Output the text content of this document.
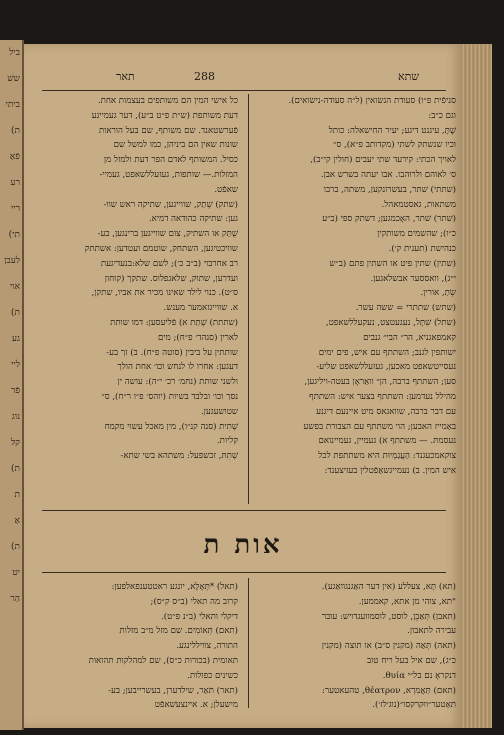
ביל
ששׁ
ביתי
(ת
פֿאַ
רע
ריי
(תי
לעבן
אוי
(ת
גע
ליי
פֿר
נוג
קל
(ת
ת
אַ
(ת
יט
הַר
תאר	288	שתא

סניפֿית פ״ו) סעודת הנשׂואין (ל״ה סעודה-נישׂואים).

וגם כ״ב:

שָׁתָּ, עיגנט דיגע; יעיר החישאלה: כותל

וכיו שנשתק לשתי (מקדותב פ״א), ס״

לאויך הכתי: קירעד שתי יעבים (חולין קי״ב),

ס׳ לאוהם ולרוהבו. אבו יעתה בשרש אבן.

(שתתי) שׁתּר, בעשׁרונקען, משתה, ברבו

משתאות, גאסטמאהל.

(שׁתר) שׁתר, האָכמגען; דשתק ספי (ב״ע

כ״ו); שהשמים משותקין

כנהישת (תענית ק׳).

(שתין) שתין פיט או השתין פתם (ב״ש

י״ג), וואססער אבשלאגען.

שְׂתַ, אורין.

(שתש) שתתרי = ששה עשר.

(שתל) שִׁתָּל, נעגעטצט, נעקעללשאפט,

קאמפאגניא, הר״ הבי״ גנבים

ישותפין לגנב; השתתף עם איש, פים ימים

נעסייטשאפט מאכען, געזעללשאפט שליע-

סען; השתתף ברבה, הן״ וואַראָן בעטה-ויליגען,

מהילל נעדמען: השתתף בצער איש: השתתף

עם דבר ברבה, שוואגאס מיט איינעם דיגנע

באַמייז האבען; הוי משתתף עם הצבורת בפשע

נעסמתּ. — משתתף א) געמיין, געמיינואם

צוקאמכעגנד: הַעֲגַמְיוּת היא משתתפת לכל

איש המין. ב) נעמייגשאַפֿטלין בעזיצענד:

כל אישי המין הם משותפים בעצמות אחת.

דעת משותפת (ש״ת פ״ט ב״ע), דער געמיינע

פֿערשטאנד. שם משותף, שם בעל הוראות

שונות שאין הם ביניהן, כמו למשל שם

כסיל. המשותף לאדם הפר דעת ולמזל מן

המזלות.— שותפות, געזעללשאפט, געמיי-

שאפֿט.

(שתק) שְׁתַק, שווייגען, שתיקה ראש שוו-

גען: שתיקה כהודאה דמיא.

שֻׁתַּק או השתיק, צום שווייגען ברינגען, בע-

שוויכטיגען, השתחק, שוטמם ועטדען: אשתתק

רב אחרבוי (ב״ב כ׳); לשם שלא:בנעדיגעת

ועדרען, שתוק, שלאגפלוס. שתקך (קוחון

ס״ט). כנוי לילד שאינו מכיר את אביו, שתקן,

א. שווייגזאמער מענש.

(שתתת) שְׁתַת א) פֿליעסען: דמו שותת

לארין (סנהד׳ פ״ח); מים

שותתין על ביבין (סוטה פ״ח). ב) זך בע-

דעגען: אחרו לו לנחש וכו׳ אחת הולך

ולשני שותת (נחמ׳ רכ׳ י״ה): עושה ין

נסך וכו׳ ובלבד בשיות (יוהס׳ פ״ו ר״ח), ס״

שטושעגען.

שְׁתִית (סנה קנ״ו), מין מאכל עשוי מקמח

קליות.

שְׁתִתּ, זכשפעל: משתהא בשי שתא-

אות ת

(תא) תָּא, צעללע (אין דער האַגנגוואַגע).

"תא, צוהי מן אתא, קאממען.

(תאבן) תְּאַבֵן, לוסט, לוסמוועגדויש: עובר

עבירה לתאבון.

(תאה) תְּאַה (מקנין ס״ב) או תוצה (מקנין

כ״ג), שם איל בעל ריח טוב

דנקראָ נם בל״י θυία.

(תאם) תַּאֲמִרְא, θέατρον, טהעאטער:

תאַטער״ווּקרקסו״(נוג׳לז׳).

(תאל) *תְּאָלָא, יונגע ראטטענפאלפען:

קרוב מה תאלי (ב״ס ק״ס);

דיקלי ותאלי (ב״נ פ״ט).

(תאם) תְּאוֹמִים. שם מזל מ״ב מזלות

התורה, צוויללינגע.

תאומית (בכורות כ״ס), שם למהלקות תהואות

כשינים כפולות.

(תאר) תֹּאַר, שילדערן, בעשרייבען; בע-

מישעלן; א. אײנצעשׁאפֿט
